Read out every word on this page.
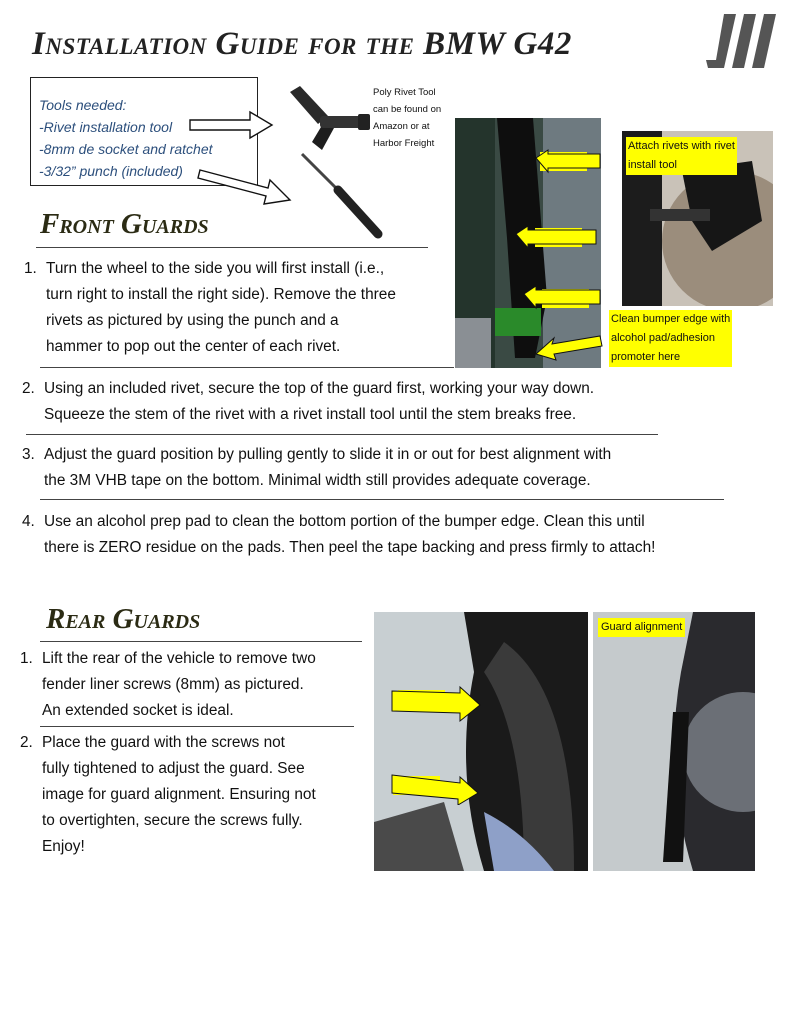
Installation Guide for the BMW G42
Tools needed:
-Rivet installation tool
-8mm de socket and ratchet
-3/32” punch (included)
Poly Rivet Tool
can be found on
Amazon or at
Harbor Freight	Attach rivets with rivet
install tool
Clean bumper edge with
alcohol pad/adhesion
promoter here
Front Guards
1. Turn the wheel to the side you will first install (i.e.,
turn right to install the right side). Remove the three
rivets as pictured by using the punch and a
hammer to pop out the center of each rivet.
2. Using an included rivet, secure the top of the guard first, working your way down.
Squeeze the stem of the rivet with a rivet install tool until the stem breaks free.
3. Adjust the guard position by pulling gently to slide it in or out for best alignment with
the 3M VHB tape on the bottom. Minimal width still provides adequate coverage.
4. Use an alcohol prep pad to clean the bottom portion of the bumper edge. Clean this until
there is ZERO residue on the pads. Then peel the tape backing and press firmly to attach!
Rear Guards
1. Lift the rear of the vehicle to remove two
fender liner screws (8mm) as pictured.
An extended socket is ideal.
2. Place the guard with the screws not
fully tightened to adjust the guard. See
image for guard alignment. Ensuring not
to overtighten, secure the screws fully.
Enjoy!
Guard alignment
